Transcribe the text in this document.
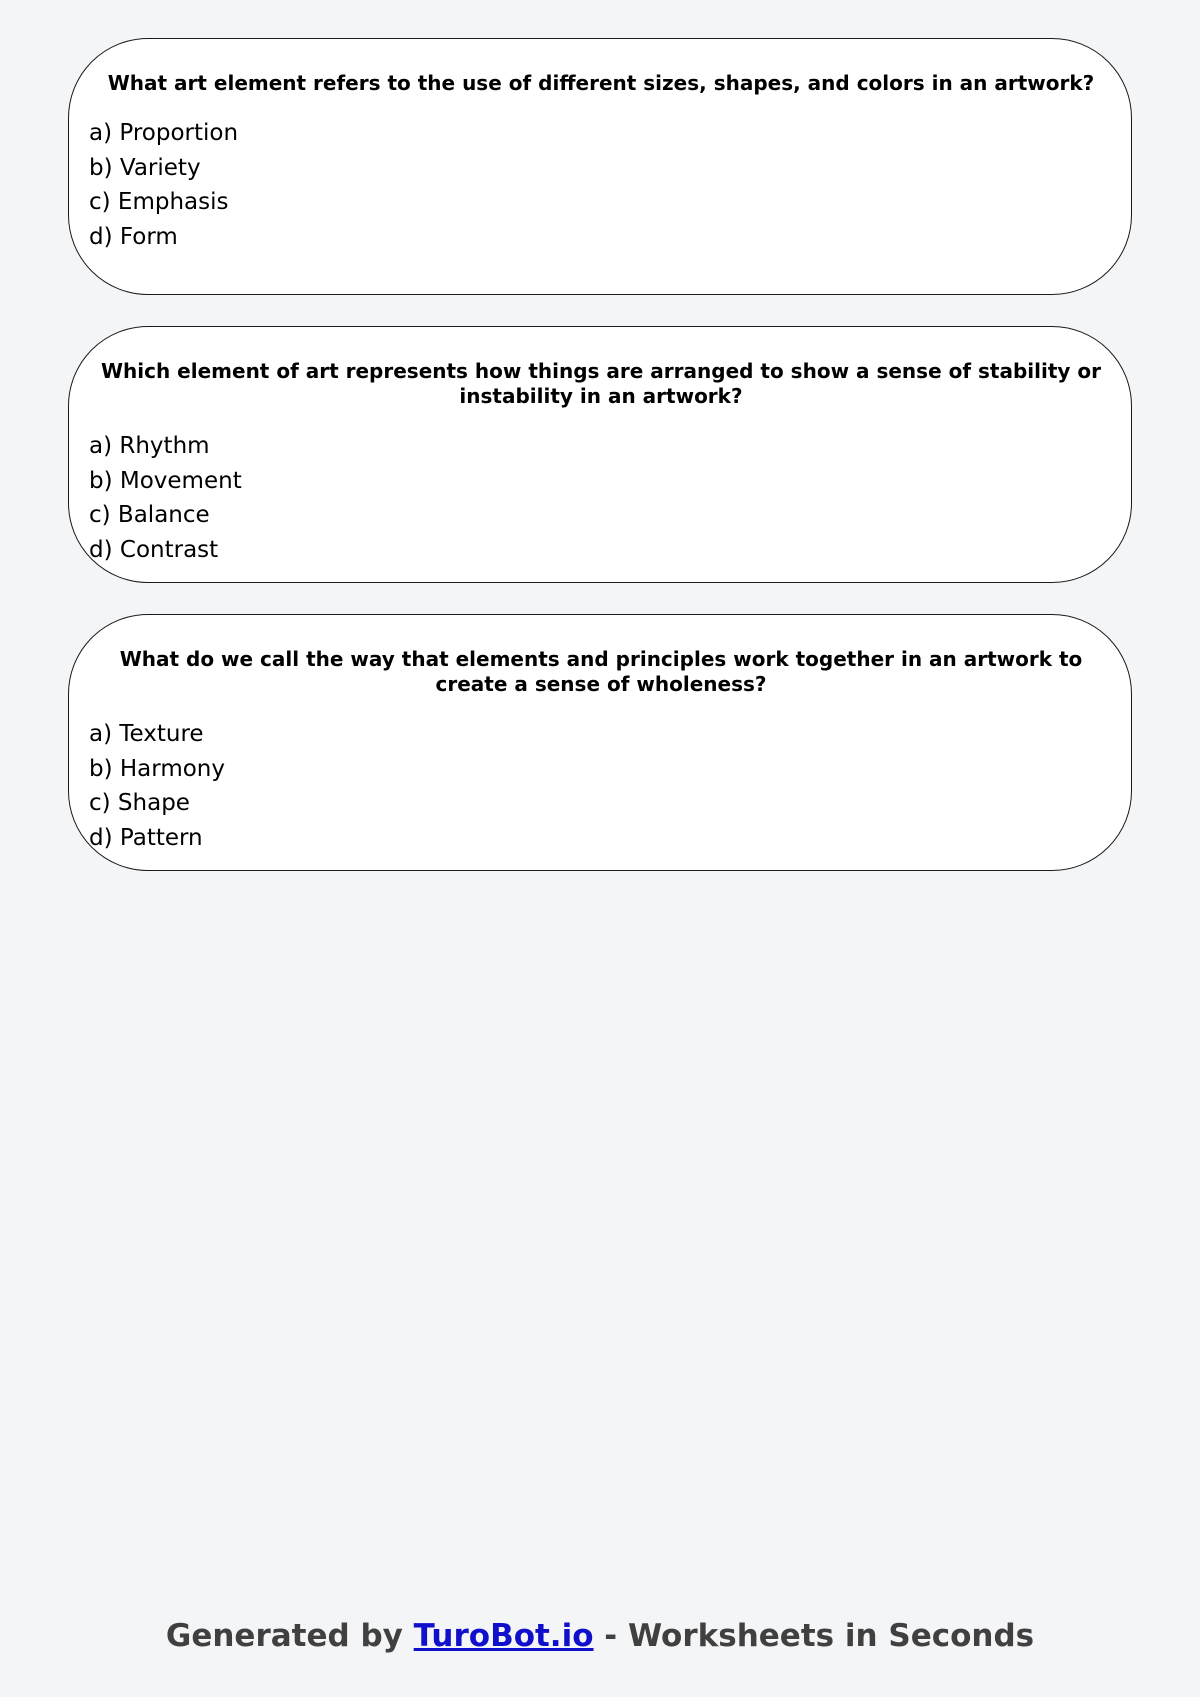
What art element refers to the use of different sizes, shapes, and colors in an artwork?
a) Proportion
b) Variety
c) Emphasis
d) Form
Which element of art represents how things are arranged to show a sense of stability or instability in an artwork?
a) Rhythm
b) Movement
c) Balance
d) Contrast
What do we call the way that elements and principles work together in an artwork to create a sense of wholeness?
a) Texture
b) Harmony
c) Shape
d) Pattern
Generated by TuroBot.io - Worksheets in Seconds
